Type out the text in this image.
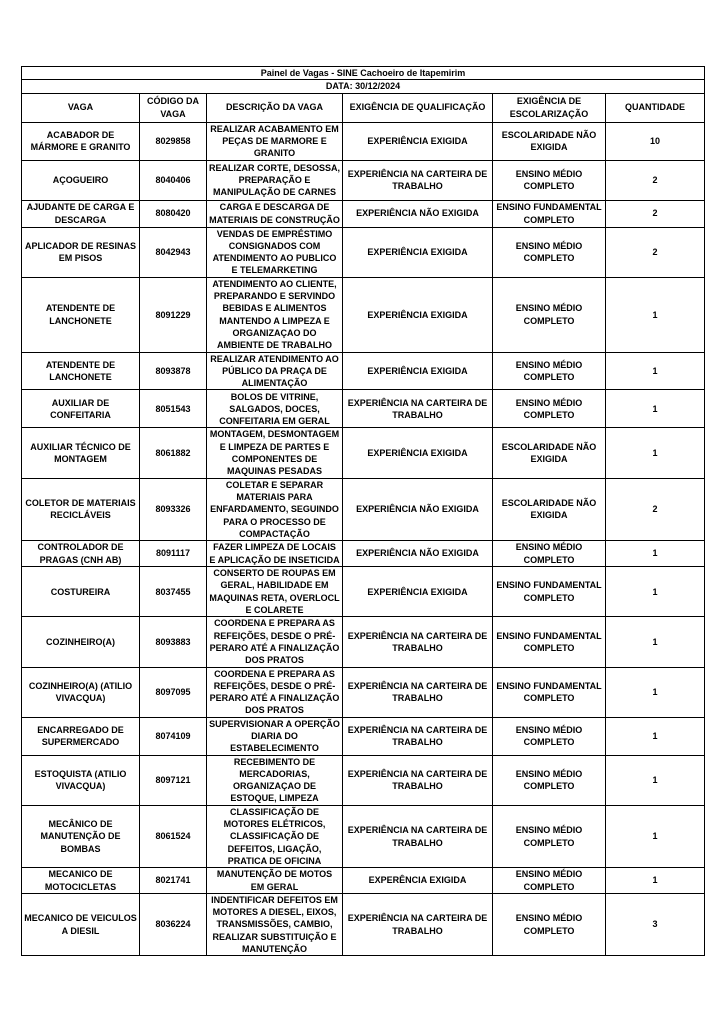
Painel de Vagas - SINE Cachoeiro de Itapemirim					
DATA: 30/12/2024					
VAGA	CÓDIGO DA VAGA	DESCRIÇÃO DA VAGA	EXIGÊNCIA DE QUALIFICAÇÃO	EXIGÊNCIA DE ESCOLARIZAÇÃO	QUANTIDADE
ACABADOR DE MÁRMORE E GRANITO	8029858	REALIZAR ACABAMENTO EM PEÇAS DE MARMORE E GRANITO	EXPERIÊNCIA EXIGIDA	ESCOLARIDADE NÃO EXIGIDA	10
AÇOGUEIRO	8040406	REALIZAR CORTE, DESOSSA, PREPARAÇÃO E MANIPULAÇÃO DE CARNES	EXPERIÊNCIA NA CARTEIRA DE TRABALHO	ENSINO MÉDIO COMPLETO	2
AJUDANTE DE CARGA E DESCARGA	8080420	CARGA E DESCARGA DE MATERIAIS DE CONSTRUÇÃO	EXPERIÊNCIA NÃO EXIGIDA	ENSINO FUNDAMENTAL COMPLETO	2
APLICADOR DE RESINAS EM PISOS	8042943	VENDAS DE EMPRÉSTIMO CONSIGNADOS COM ATENDIMENTO AO PUBLICO E TELEMARKETING	EXPERIÊNCIA EXIGIDA	ENSINO MÉDIO COMPLETO	2
ATENDENTE DE LANCHONETE	8091229	ATENDIMENTO AO CLIENTE, PREPARANDO E SERVINDO BEBIDAS E ALIMENTOS MANTENDO A LIMPEZA E ORGANIZAÇAO DO AMBIENTE DE TRABALHO	EXPERIÊNCIA EXIGIDA	ENSINO MÉDIO COMPLETO	1
ATENDENTE DE LANCHONETE	8093878	REALIZAR ATENDIMENTO AO PÚBLICO DA PRAÇA DE ALIMENTAÇÃO	EXPERIÊNCIA EXIGIDA	ENSINO MÉDIO COMPLETO	1
AUXILIAR DE CONFEITARIA	8051543	BOLOS DE VITRINE, SALGADOS, DOCES, CONFEITARIA EM GERAL	EXPERIÊNCIA NA CARTEIRA DE TRABALHO	ENSINO MÉDIO COMPLETO	1
AUXILIAR TÉCNICO DE MONTAGEM	8061882	MONTAGEM, DESMONTAGEM E LIMPEZA DE PARTES E COMPONENTES DE MAQUINAS PESADAS	EXPERIÊNCIA EXIGIDA	ESCOLARIDADE NÃO EXIGIDA	1
COLETOR DE MATERIAIS RECICLÁVEIS	8093326	COLETAR E SEPARAR MATERIAIS PARA ENFARDAMENTO, SEGUINDO PARA O PROCESSO DE COMPACTAÇÃO	EXPERIÊNCIA NÃO EXIGIDA	ESCOLARIDADE NÃO EXIGIDA	2
CONTROLADOR DE PRAGAS (CNH AB)	8091117	FAZER LIMPEZA DE LOCAIS E APLICAÇÃO DE INSETICIDA	EXPERIÊNCIA NÃO EXIGIDA	ENSINO MÉDIO COMPLETO	1
COSTUREIRA	8037455	CONSERTO DE ROUPAS EM GERAL, HABILIDADE EM MAQUINAS RETA, OVERLOCL E COLARETE	EXPERIÊNCIA EXIGIDA	ENSINO FUNDAMENTAL COMPLETO	1
COZINHEIRO(A)	8093883	COORDENA E PREPARA AS REFEIÇÕES, DESDE O PRÉ-PERARO ATÉ A FINALIZAÇÃO DOS PRATOS	EXPERIÊNCIA NA CARTEIRA DE TRABALHO	ENSINO FUNDAMENTAL COMPLETO	1
COZINHEIRO(A) (ATILIO VIVACQUA)	8097095	COORDENA E PREPARA AS REFEIÇÕES, DESDE O PRÉ-PERARO ATÉ A FINALIZAÇÃO DOS PRATOS	EXPERIÊNCIA NA CARTEIRA DE TRABALHO	ENSINO FUNDAMENTAL COMPLETO	1
ENCARREGADO DE SUPERMERCADO	8074109	SUPERVISIONAR A OPERÇÃO DIARIA DO ESTABELECIMENTO	EXPERIÊNCIA NA CARTEIRA DE TRABALHO	ENSINO MÉDIO COMPLETO	1
ESTOQUISTA (ATILIO VIVACQUA)	8097121	RECEBIMENTO DE MERCADORIAS, ORGANIZAÇAO DE ESTOQUE, LIMPEZA	EXPERIÊNCIA NA CARTEIRA DE TRABALHO	ENSINO MÉDIO COMPLETO	1
MECÂNICO DE MANUTENÇÃO DE BOMBAS	8061524	CLASSIFICAÇÃO DE MOTORES ELÉTRICOS, CLASSIFICAÇÃO DE DEFEITOS, LIGAÇÃO, PRATICA DE OFICINA	EXPERIÊNCIA NA CARTEIRA DE TRABALHO	ENSINO MÉDIO COMPLETO	1
MECANICO DE MOTOCICLETAS	8021741	MANUTENÇÃO DE MOTOS EM GERAL	EXPERÊNCIA EXIGIDA	ENSINO MÉDIO COMPLETO	1
MECANICO DE VEICULOS A DIESIL	8036224	INDENTIFICAR DEFEITOS EM MOTORES A DIESEL, EIXOS, TRANSMISSÕES, CAMBIO, REALIZAR SUBSTITUIÇÃO E MANUTENÇÃO	EXPERIÊNCIA NA CARTEIRA DE TRABALHO	ENSINO MÉDIO COMPLETO	3
